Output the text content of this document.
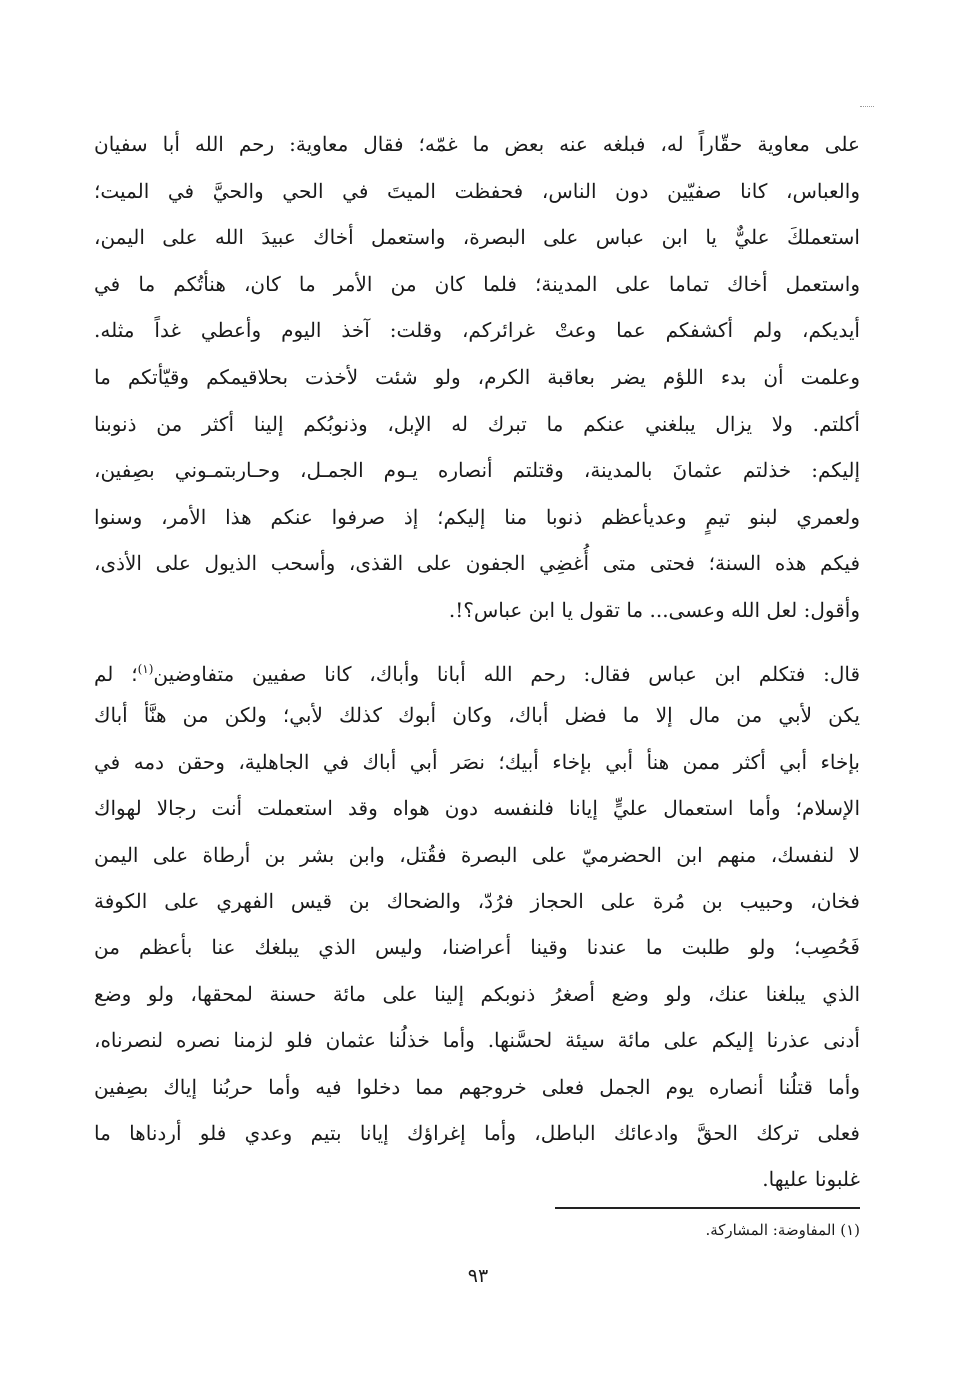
على معاوية حقّاراً له، فبلغه عنه بعض ما غمّه؛ فقال معاوية: رحم الله أبا سفيان
والعباس، كانا صفيّين دون الناس، فحفظت الميتَ في الحي والحيَّ في الميت؛
استعملكَ عليٌّ يا ابن عباس على البصرة، واستعمل أخاك عبيدَ الله على اليمن،
واستعمل أخاك تماما على المدينة؛ فلما كان من الأمر ما كان، هنأتُكم ما في
أيديكم، ولم أكشفكم عما وعتْ غرائركم، وقلت: آخذ اليوم وأعطي غداً مثله.
وعلمت أن بدء اللؤم يضر بعاقبة الكرم، ولو شئت لأخذت بحلاقيمكم وقيّأتكم ما
أكلتم. ولا يزال يبلغني عنكم ما تبرك له الإبل، وذنوبُكم إلينا أكثر من ذنوبنا
إليكم: خذلتم عثمانَ بالمدينة، وقتلتم أنصاره يـوم الجمـل، وحـاربتمـوني بصِفين،
ولعمري لبنو تيمٍ وعديأعظم ذنوبا منا إليكم؛ إذ صرفوا عنكم هذا الأمر، وسنوا
فيكم هذه السنة؛ فحتى متى أُغضِي الجفون على القذى، وأسحب الذيول على الأذى،
وأقول: لعل الله وعسى... ما تقول يا ابن عباس؟!.
قال: فتكلم ابن عباس فقال: رحم الله أبانا وأباك، كانا صفيين متفاوضين$^{(١)}$؛ لم
يكن لأبي من مال إلا ما فضل أباك، وكان أبوك كذلك لأبي؛ ولكن من هنَّأ أباك
بإخاء أبي أكثر ممن هنأ أبي بإخاء أبيك؛ نصَر أبي أباك في الجاهلية، وحقن دمه في
الإسلام؛ وأما استعمال عليٍّ إيانا فلنفسه دون هواه وقد استعملت أنت رجالا لهواك
لا لنفسك، منهم ابن الحضرميّ على البصرة فقُتل، وابن بشر بن أرطاة على اليمن
فخان، وحبيب بن مُرة على الحجاز فرُدّ، والضحاك بن قيس الفهري على الكوفة
فَحُصِب؛ ولو طلبت ما عندنا وقينا أعراضنا، وليس الذي يبلغك عنا بأعظم من
الذي يبلغنا عنك، ولو وضع أصغرُ ذنوبكم إلينا على مائة حسنة لمحقها، ولو وضع
أدنى عذرنا إليكم على مائة سيئة لحسَّنها. وأما خذلُنا عثمان فلو لزمنا نصره لنصرناه،
وأما قتلُنا أنصاره يوم الجمل فعلى خروجهم مما دخلوا فيه وأما حربُنا إياك بصِفين
فعلى تركك الحقَّ وادعائك الباطل، وأما إغراؤك إيانا بتيم وعدي فلو أردناها ما
غلبونا عليها.
(١) المفاوضة: المشاركة.
٩٣
